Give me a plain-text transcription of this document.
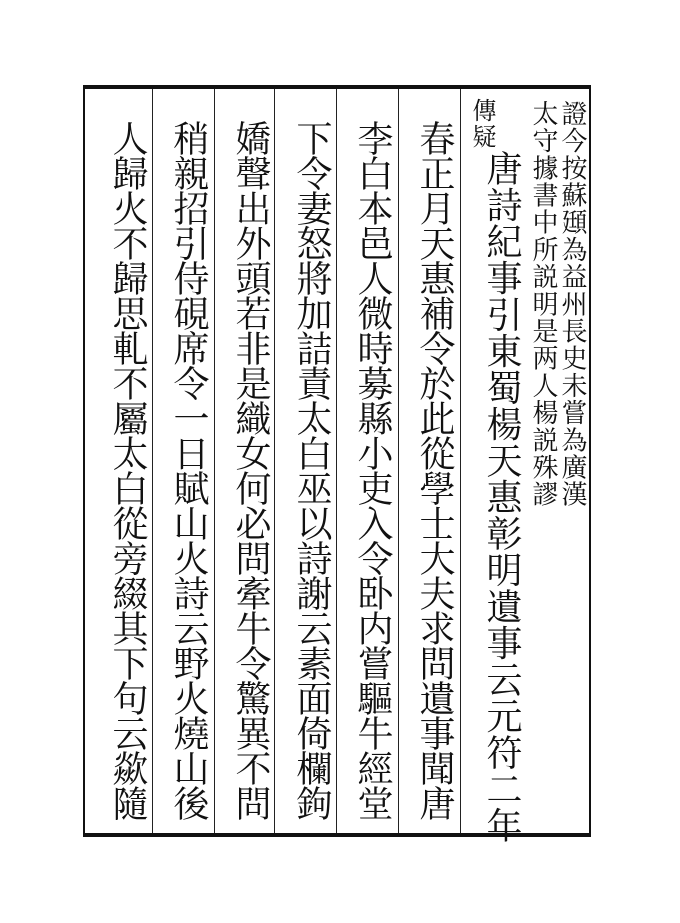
證今按蘇頲為益州長史未嘗為廣漢
太守據書中所説明是两人楊説殊謬
傳疑
唐詩紀事引東蜀楊天惠彰明遺事云元符二年
春正月天惠補令於此從學士大夫求問遺事聞唐
李白本邑人微時募縣小吏入令卧内嘗驅牛經堂
下令妻怒將加詰責太白巫以詩謝云素面倚欄鉤
嬌聲出外頭若非是織女何必問牽牛令驚異不問
稍親招引侍硯席令一日賦山火詩云野火燒山後
人歸火不歸思軋不屬太白從旁綴其下句云歘隨
